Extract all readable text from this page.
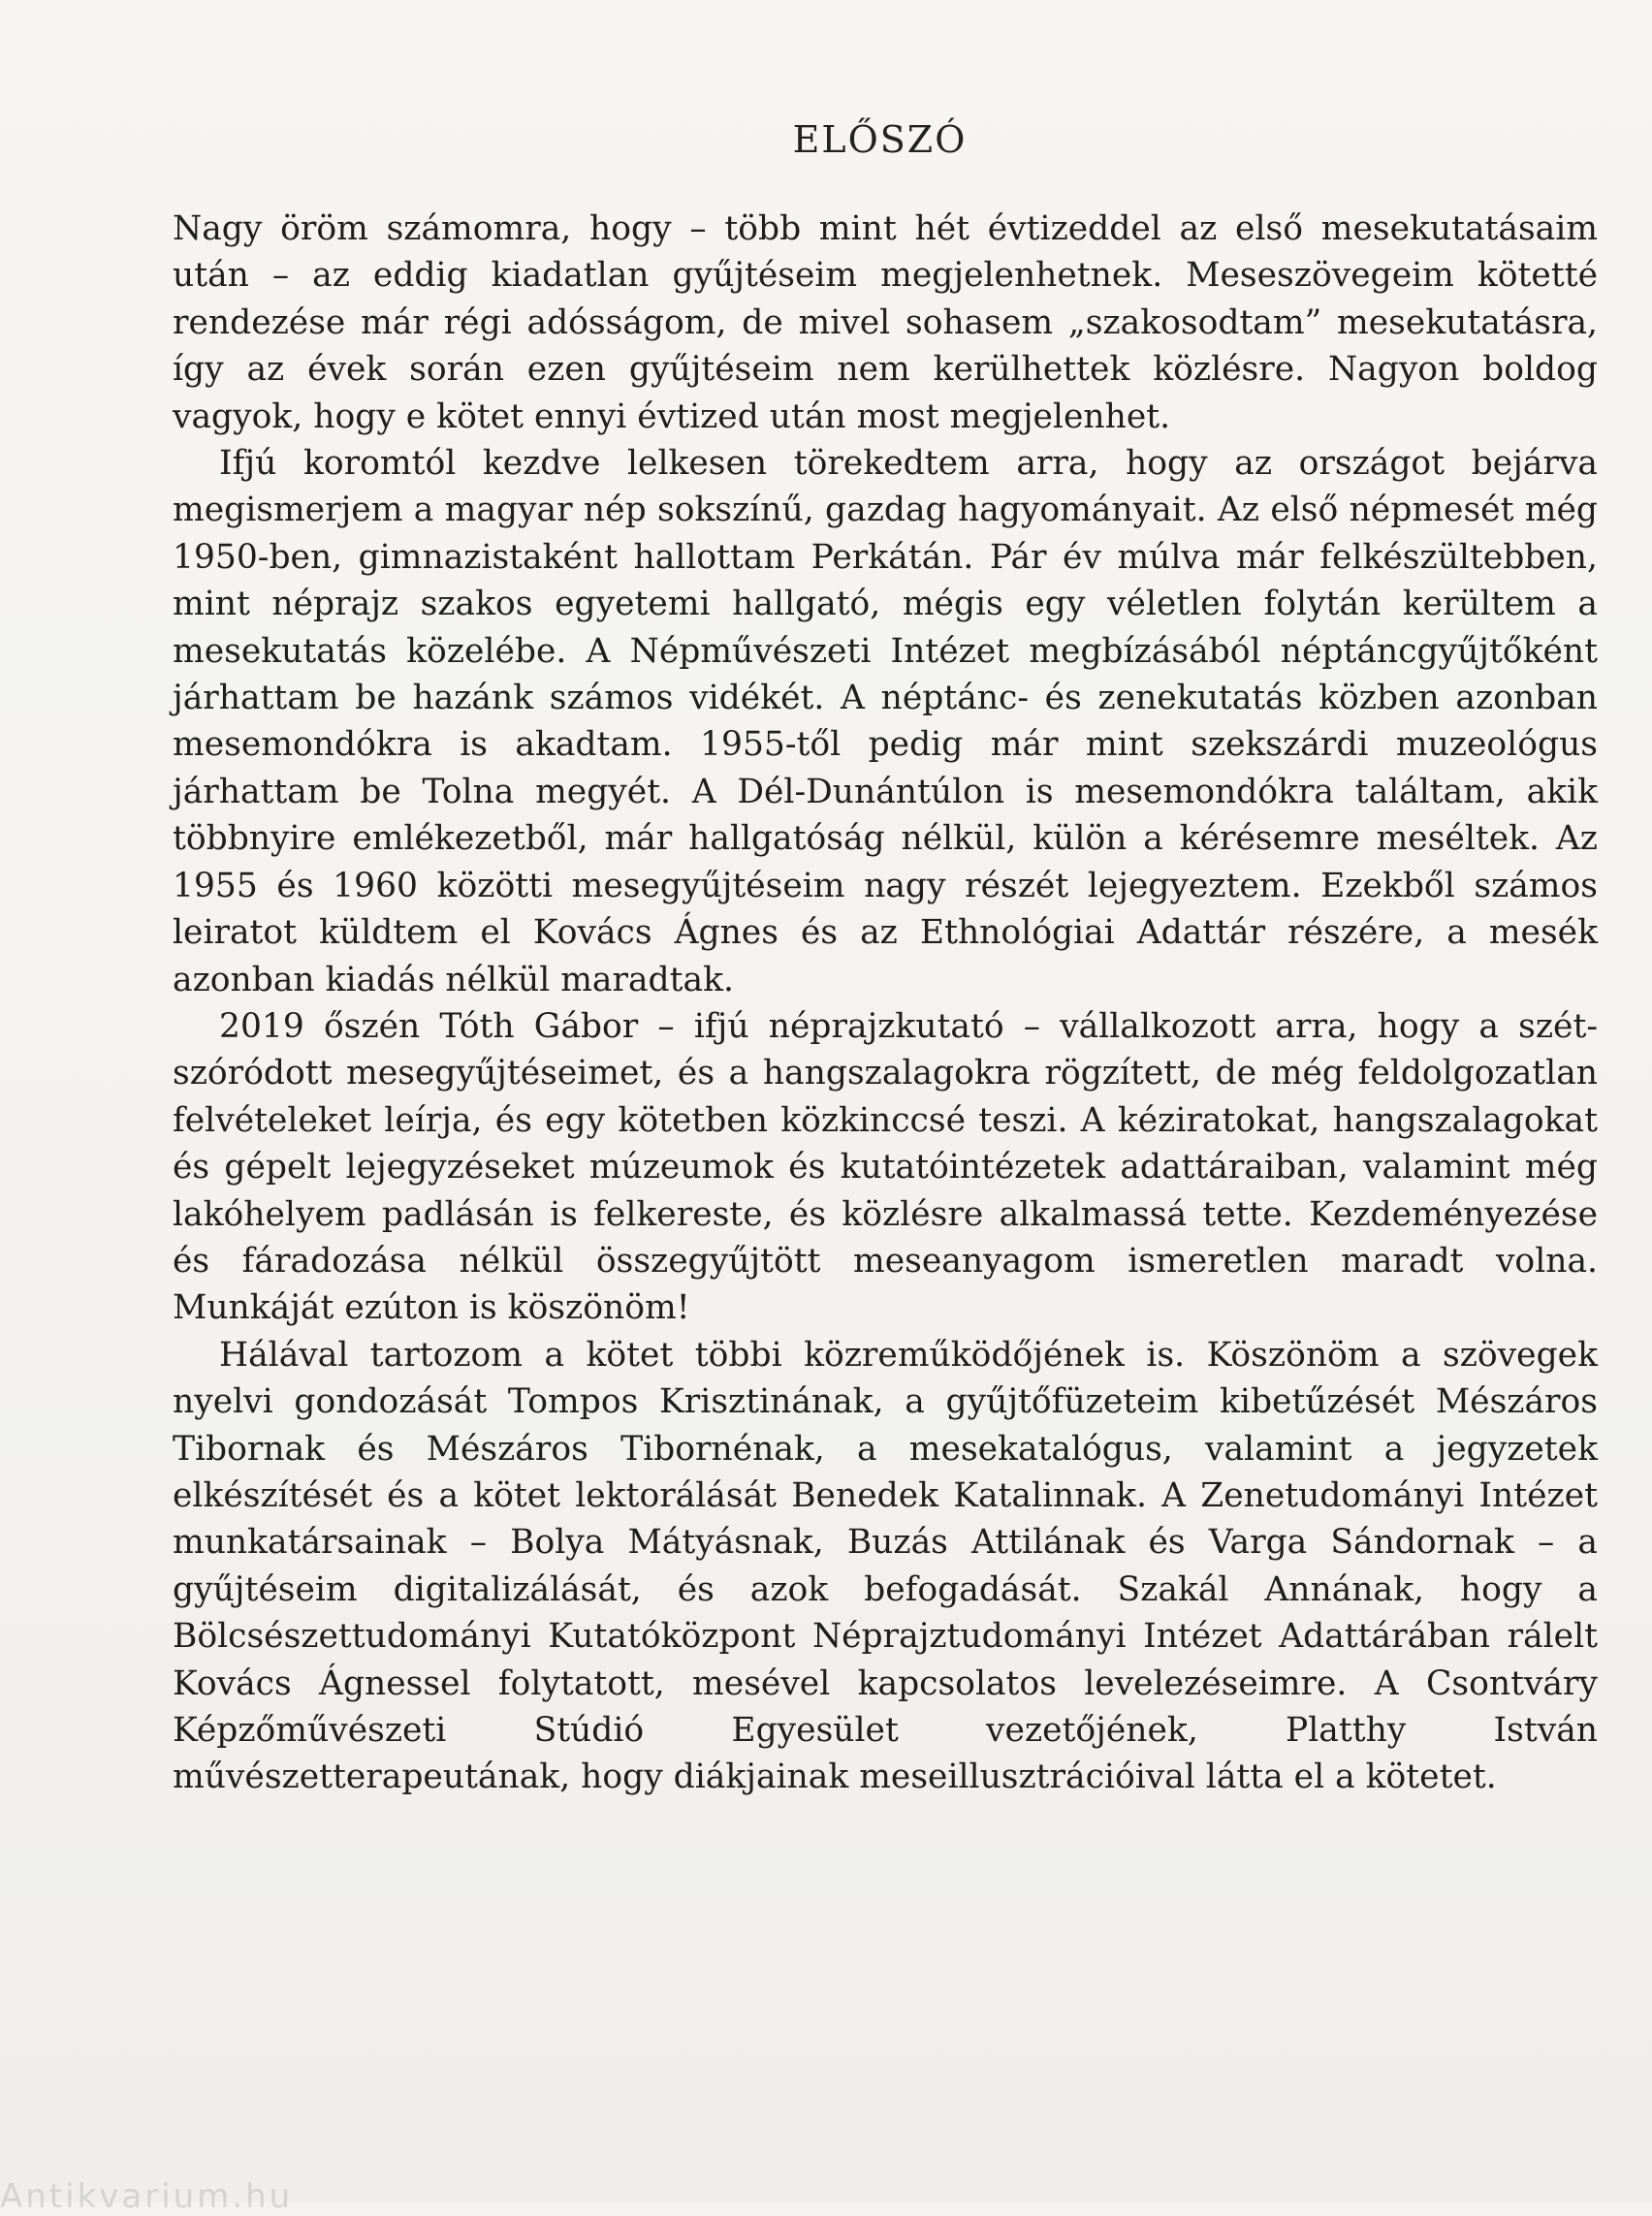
ELŐSZÓ

Nagy öröm számomra, hogy – több mint hét évtizeddel az első mesekutatásaim után – az eddig kiadatlan gyűjtéseim megjelenhetnek. Meseszövegeim kötetté rendezése már régi adósságom, de mivel sohasem „szakosodtam” mesekutatásra, így az évek során ezen gyűjtéseim nem kerülhettek közlésre. Nagyon boldog vagyok, hogy e kötet ennyi évtized után most megjelenhet.

Ifjú koromtól kezdve lelkesen törekedtem arra, hogy az országot bejárva megismerjem a magyar nép sokszínű, gazdag hagyományait. Az első népmesét még 1950-ben, gimnazistaként hallottam Perkátán. Pár év múlva már felkészültebben, mint néprajz szakos egyetemi hallgató, mégis egy véletlen folytán kerültem a mesekutatás közelébe. A Népművészeti Intézet megbízásából néptáncgyűjtőként járhattam be hazánk számos vidékét. A néptánc- és zenekutatás közben azonban mesemondókra is akadtam. 1955-től pedig már mint szekszárdi muzeológus járhattam be Tolna megyét. A Dél-Dunántúlon is mesemondókra találtam, akik többnyire emlékezetből, már hallgatóság nélkül, külön a kérésemre meséltek. Az 1955 és 1960 közötti mesegyűjtéseim nagy részét lejegyeztem. Ezekből számos leiratot küldtem el Kovács Ágnes és az Ethnológiai Adattár részére, a mesék azonban kiadás nélkül maradtak.

2019 őszén Tóth Gábor – ifjú néprajzkutató – vállalkozott arra, hogy a szétszóródott mesegyűjtéseimet, és a hangszalagokra rögzített, de még feldolgozatlan felvételeket leírja, és egy kötetben közkinccsé teszi. A kéziratokat, hangszalagokat és gépelt lejegyzéseket múzeumok és kutatóintézetek adattáraiban, valamint még lakóhelyem padlásán is felkereste, és közlésre alkalmassá tette. Kezdeményezése és fáradozása nélkül összegyűjtött meseanyagom ismeretlen maradt volna. Munkáját ezúton is köszönöm!

Hálával tartozom a kötet többi közreműködőjének is. Köszönöm a szövegek nyelvi gondozását Tompos Krisztinának, a gyűjtőfüzeteim kibetűzését Mészáros Tibornak és Mészáros Tibornénak, a mesekatalógus, valamint a jegyzetek elkészítését és a kötet lektorálását Benedek Katalinnak. A Zenetudományi Intézet munkatársainak – Bolya Mátyásnak, Buzás Attilának és Varga Sándornak – a gyűjtéseim digitalizálását, és azok befogadását. Szakál Annának, hogy a Bölcsészettudományi Kutatóközpont Néprajztudományi Intézet Adattárában rálelt Kovács Ágnessel folytatott, mesével kapcsolatos levelezéseimre. A Csontváry Képzőművészeti Stúdió Egyesület vezetőjének, Platthy István művészetterapeutának, hogy diákjainak meseillusztrációival látta el a kötetet.

Antikvarium.hu
